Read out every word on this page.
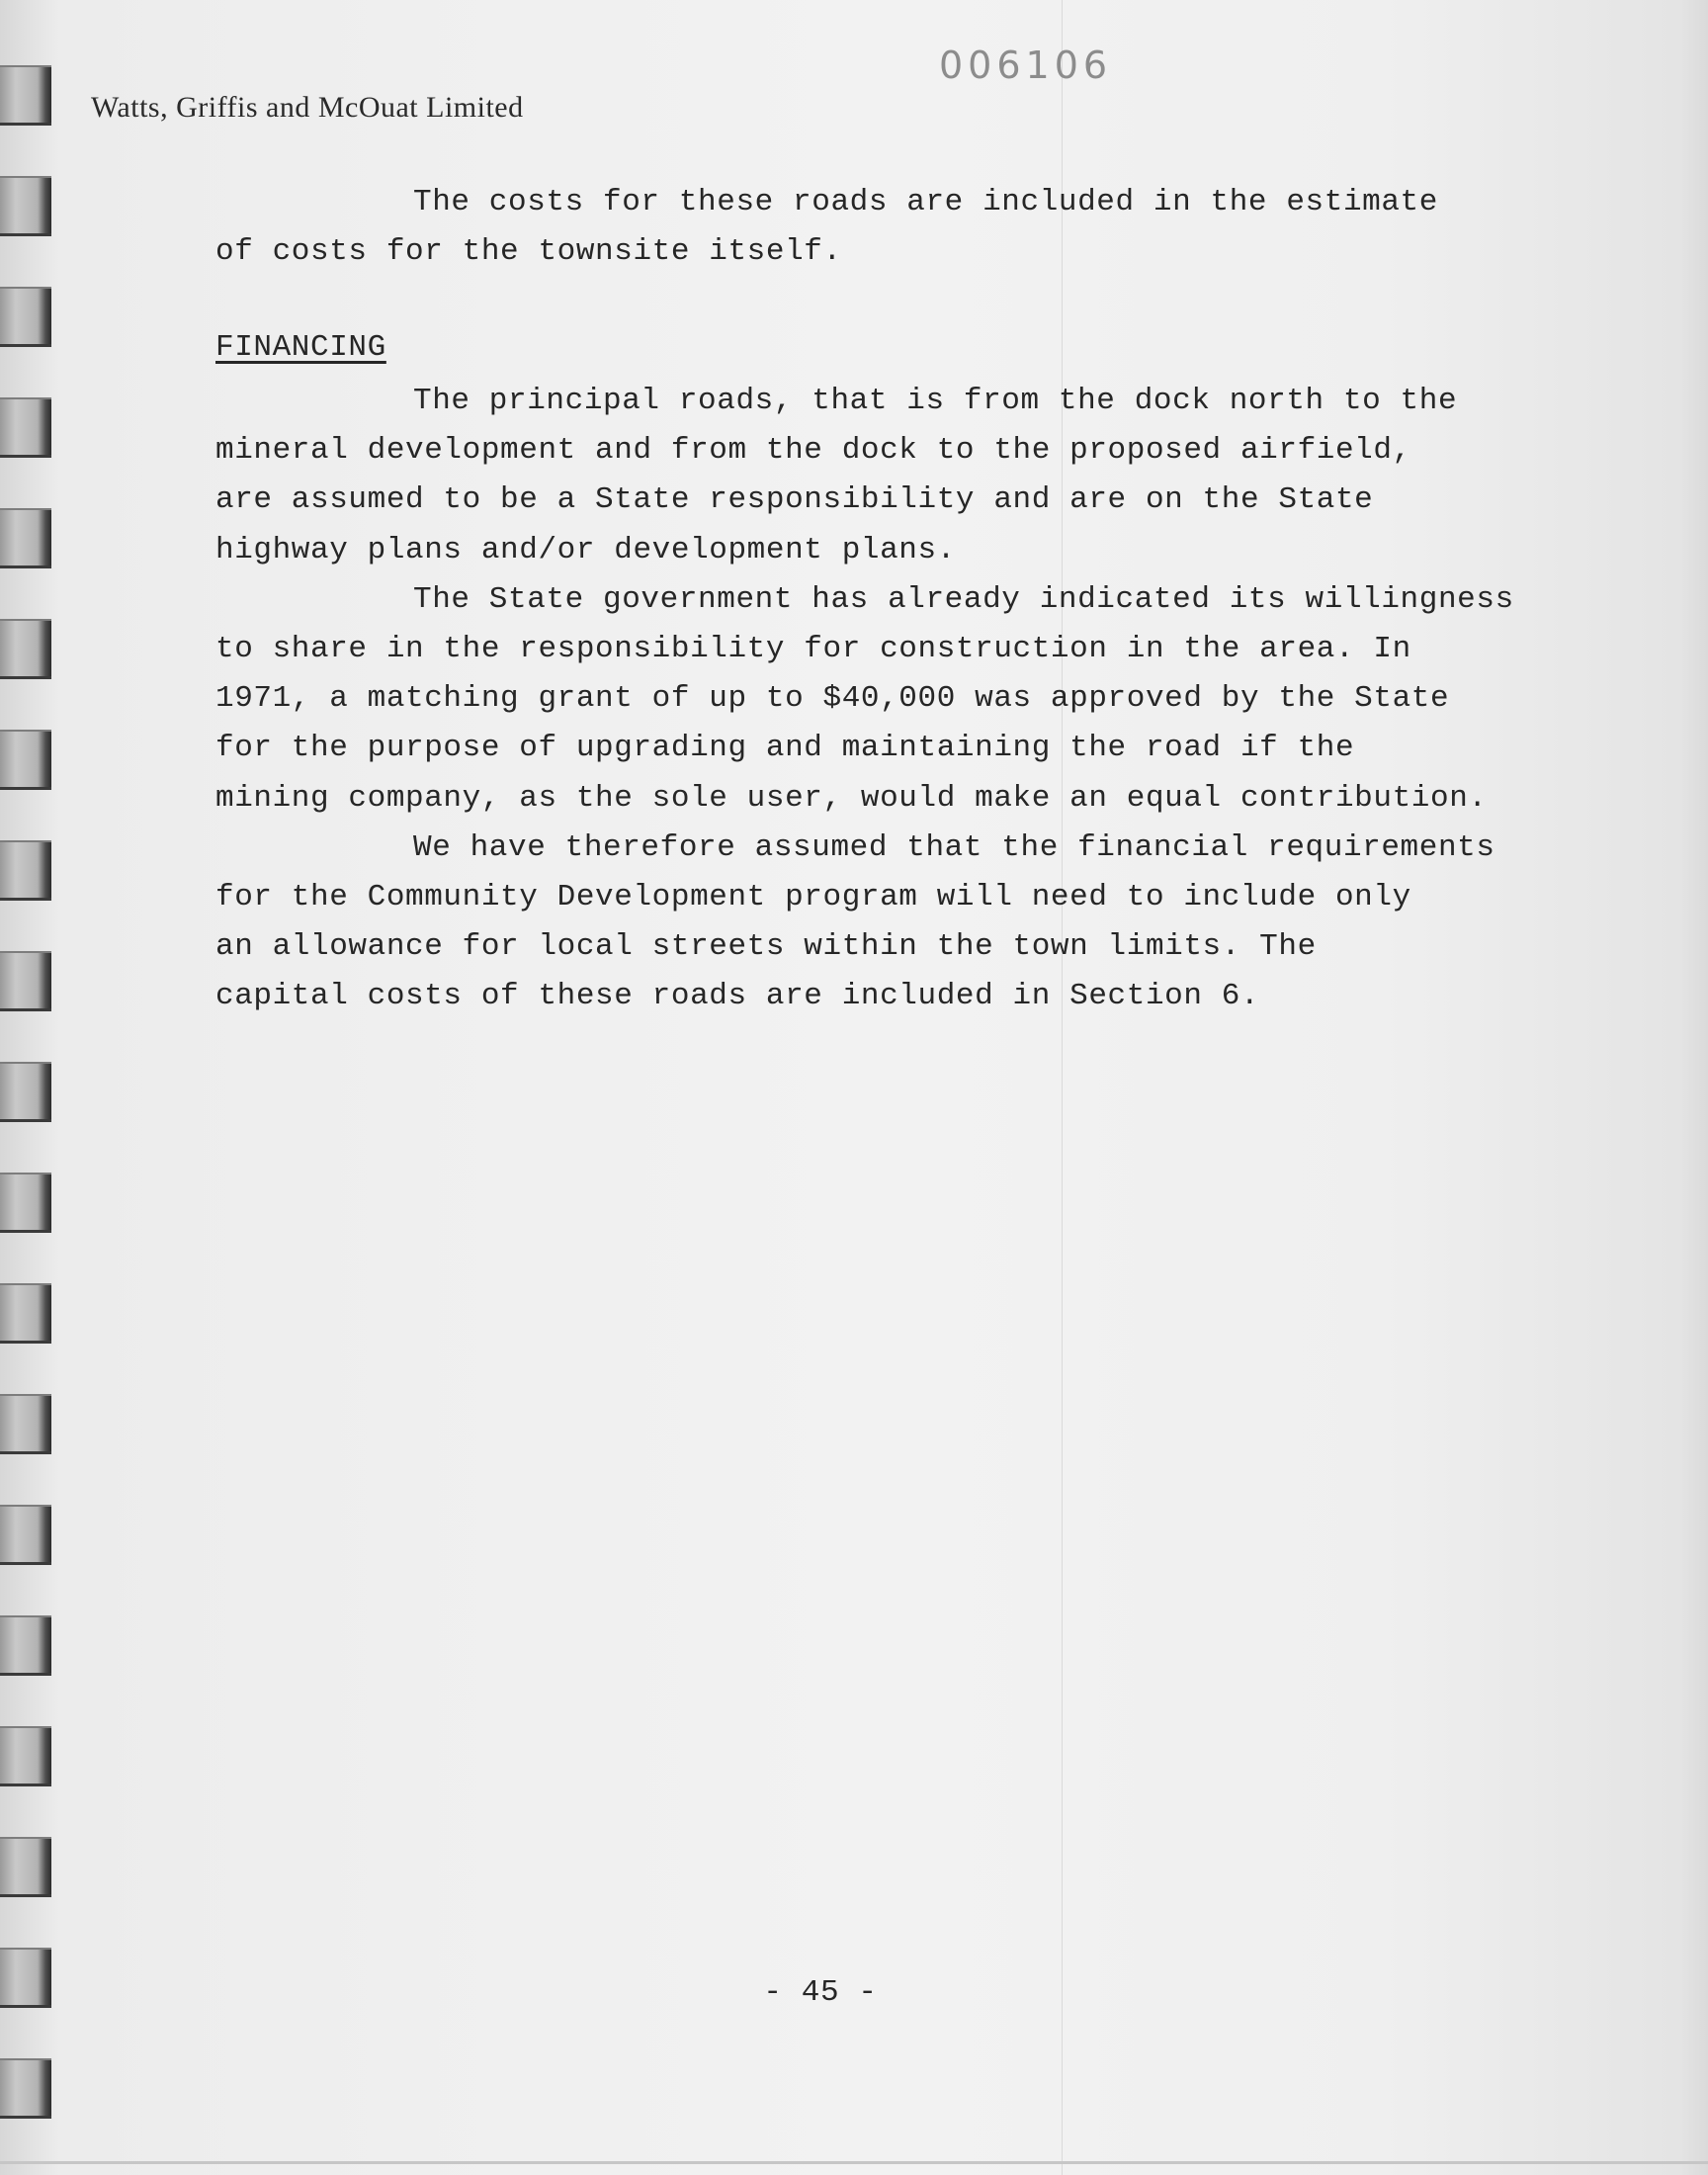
Watts, Griffis and McOuat Limited
006106
The costs for these roads are included in the estimate
of costs for the townsite itself.
FINANCING
The principal roads, that is from the dock north to the
mineral development and from the dock to the proposed airfield,
are assumed to be a State responsibility and are on the State
highway plans and/or development plans.
The State government has already indicated its willingness
to share in the responsibility for construction in the area. In
1971, a matching grant of up to $40,000 was approved by the State
for the purpose of upgrading and maintaining the road if the
mining company, as the sole user, would make an equal contribution.
We have therefore assumed that the financial requirements
for the Community Development program will need to include only
an allowance for local streets within the town limits. The
capital costs of these roads are included in Section 6.
- 45 -
